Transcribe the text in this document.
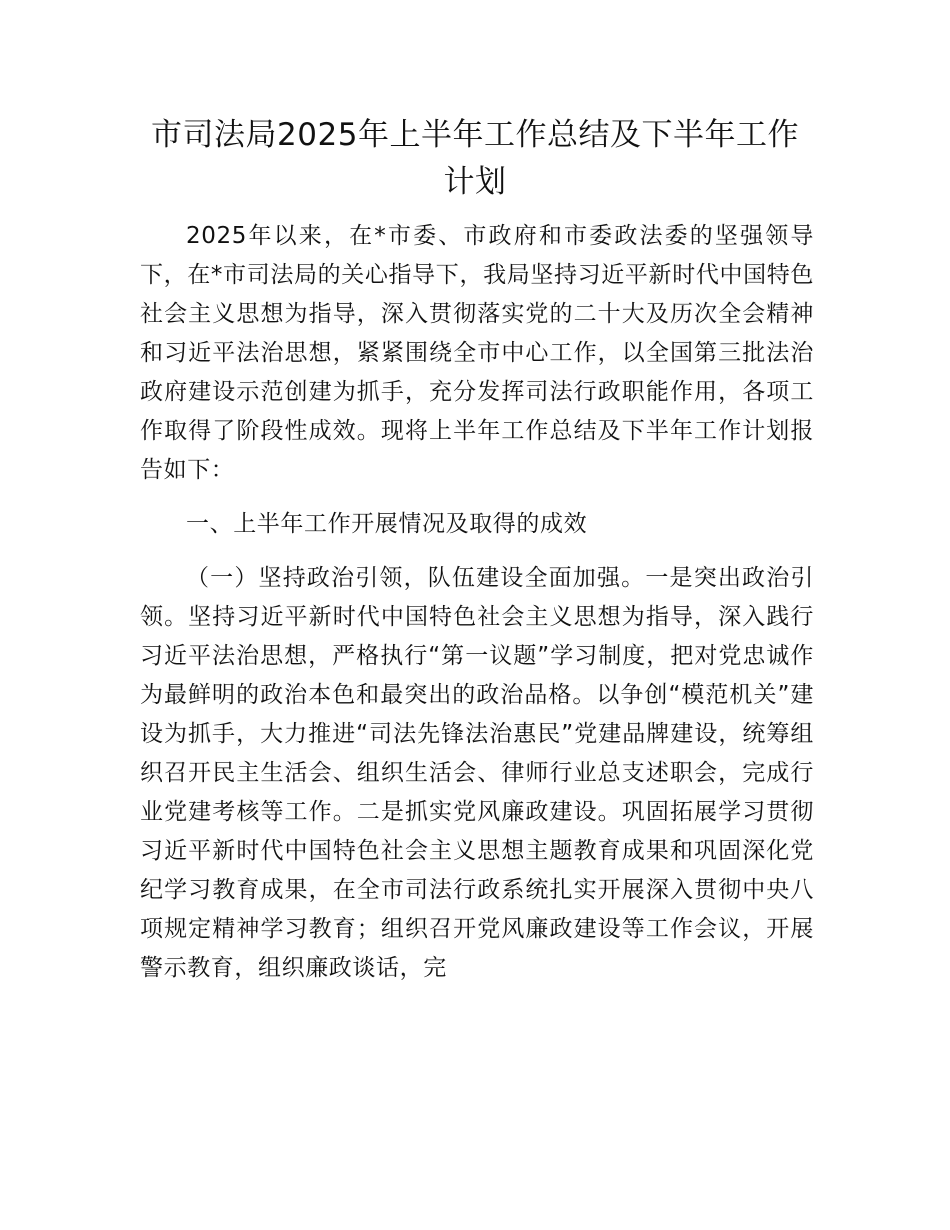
市司法局2025年上半年工作总结及下半年工作计划

2025年以来，在*市委、市政府和市委政法委的坚强领导下，在*市司法局的关心指导下，我局坚持习近平新时代中国特色社会主义思想为指导，深入贯彻落实党的二十大及历次全会精神和习近平法治思想，紧紧围绕全市中心工作，以全国第三批法治政府建设示范创建为抓手，充分发挥司法行政职能作用，各项工作取得了阶段性成效。现将上半年工作总结及下半年工作计划报告如下：

一、上半年工作开展情况及取得的成效

（一）坚持政治引领，队伍建设全面加强。一是突出政治引领。坚持习近平新时代中国特色社会主义思想为指导，深入践行习近平法治思想，严格执行“第一议题”学习制度，把对党忠诚作为最鲜明的政治本色和最突出的政治品格。以争创“模范机关”建设为抓手，大力推进“司法先锋法治惠民”党建品牌建设，统筹组织召开民主生活会、组织生活会、律师行业总支述职会，完成行业党建考核等工作。二是抓实党风廉政建设。巩固拓展学习贯彻习近平新时代中国特色社会主义思想主题教育成果和巩固深化党纪学习教育成果，在全市司法行政系统扎实开展深入贯彻中央八项规定精神学习教育；组织召开党风廉政建设等工作会议，开展警示教育，组织廉政谈话，完
